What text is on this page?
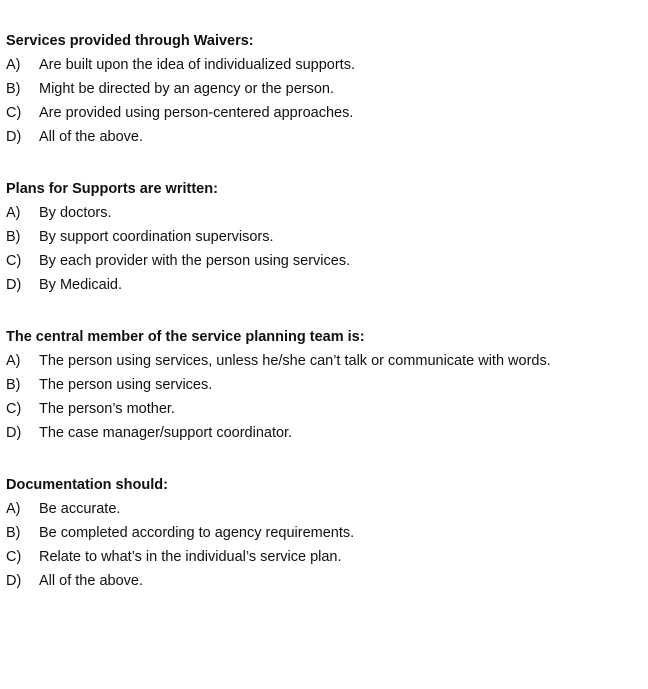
Services provided through Waivers:
A)	Are built upon the idea of individualized supports.
B)	Might be directed by an agency or the person.
C)	Are provided using person-centered approaches.
D)	All of the above.
Plans for Supports are written:
A)	By doctors.
B)	By support coordination supervisors.
C)	By each provider with the person using services.
D)	By Medicaid.
The central member of the service planning team is:
A)	The person using services, unless he/she can’t talk or communicate with words.
B)	The person using services.
C)	The person’s mother.
D)	The case manager/support coordinator.
Documentation should:
A)	Be accurate.
B)	Be completed according to agency requirements.
C)	Relate to what’s in the individual’s service plan.
D)	All of the above.
